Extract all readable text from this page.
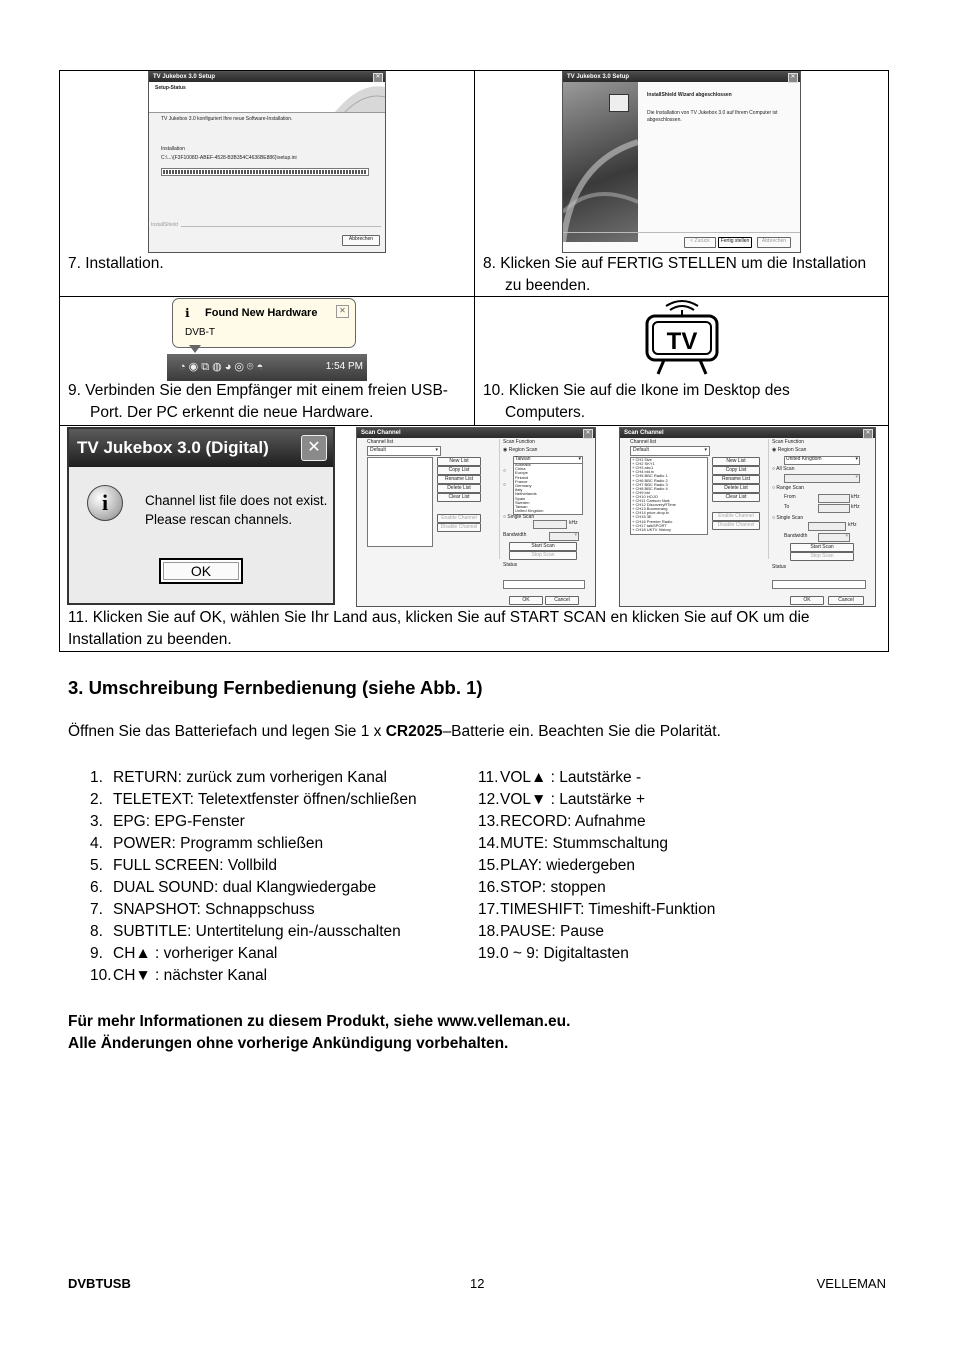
TV Jukebox 3.0 Setup	✕
Setup-Status
TV Jukebox 3.0 konfiguriert Ihre neue Software-Installation.
Installation
C:\...\{F3F1008D-ABEF-4528-B3B354C4636BE886}\setup.ini
InstallShield
Abbrechen
7. Installation.
TV Jukebox 3.0 Setup	✕
InstallShield Wizard abgeschlossen
Die Installation von TV Jukebox 3.0 auf Ihrem Computer ist abgeschlossen.
< Zurück	Fertig stellen	Abbrechen
8. Klicken Sie auf FERTIG STELLEN um die Installation
zu beenden.
ℹ Found New Hardware	✕
DVB-T
◔◉⧉◍◕◎⌾◓	1:54 PM
9. Verbinden Sie den Empfänger mit einem freien USB-
Port. Der PC erkennt die neue Hardware.
TV
10. Klicken Sie auf die Ikone im Desktop des
Computers.
TV Jukebox 3.0 (Digital)	✕
i	Channel list file does not exist.
Please rescan channels.
OK
Scan Channel	✕
Channel list
Default	▾
Enable Channel
Disable Channel
Scan Function
◉ Region Scan
Taiwan	▾
Australia
China
Europe
Finland
France
Germany
Italy
Netherlands
Spain
Sweden
Taiwan
United Kingdom
○
○
○ Single Scan
kHz
Bandwidth	▾
Start Scan
Stop Scan
Status
OK	Cancel
New List
Copy List
Rename List
Delete List
Clear List
Scan Channel	✕
Channel list
Default	▾
+ CH1 5ive
+ CH2 SKY1
+ CH3 abc1
+ CH4 bid.tv
+ CH5 BBC Radio 1
+ CH6 BBC Radio 2
+ CH7 BBC Radio 3
+ CH8 BBC Radio 4
+ CH9 bid
+ CH10 HOJO
+ CH11 Cartoon Nwk
+ CH12 DiscoveryRTime
+ CH13 Boomerang
+ CH14 price-drop.tv
+ CH15 3E
+ CH16 Premier Radio
+ CH17 talkSPORT
+ CH18 UKTV History
Enable Channel
Disable Channel
Scan Function
◉ Region Scan
United Kingdom	▾
○ All Scan
▾
○ Range Scan
From	kHz
To	kHz
○ Single Scan
kHz
Bandwidth	▾
Start Scan
Stop Scan
Status
OK	Cancel
New List
Copy List
Rename List
Delete List
Clear List
11. Klicken Sie auf OK, wählen Sie Ihr Land aus, klicken Sie auf START SCAN en klicken Sie auf OK um die
Installation zu beenden.
3. Umschreibung Fernbedienung (siehe Abb. 1)
Öffnen Sie das Batteriefach und legen Sie 1 x CR2025–Batterie ein. Beachten Sie die Polarität.
1. RETURN: zurück zum vorherigen Kanal
2. TELETEXT: Teletextfenster öffnen/schließen
3. EPG: EPG-Fenster
4. POWER: Programm schließen
5. FULL SCREEN: Vollbild
6. DUAL SOUND: dual Klangwiedergabe
7. SNAPSHOT: Schnappschuss
8. SUBTITLE: Untertitelung ein-/ausschalten
9. CH▲ : vorheriger Kanal
10.CH▼ : nächster Kanal
11. VOL▲ : Lautstärke -
12.VOL▼ : Lautstärke +
13.RECORD: Aufnahme
14.MUTE: Stummschaltung
15.PLAY: wiedergeben
16.STOP: stoppen
17.TIMESHIFT: Timeshift-Funktion
18.PAUSE: Pause
19.0 ~ 9: Digitaltasten
Für mehr Informationen zu diesem Produkt, siehe www.velleman.eu.
Alle Änderungen ohne vorherige Ankündigung vorbehalten.
DVBTUSB	12	VELLEMAN
